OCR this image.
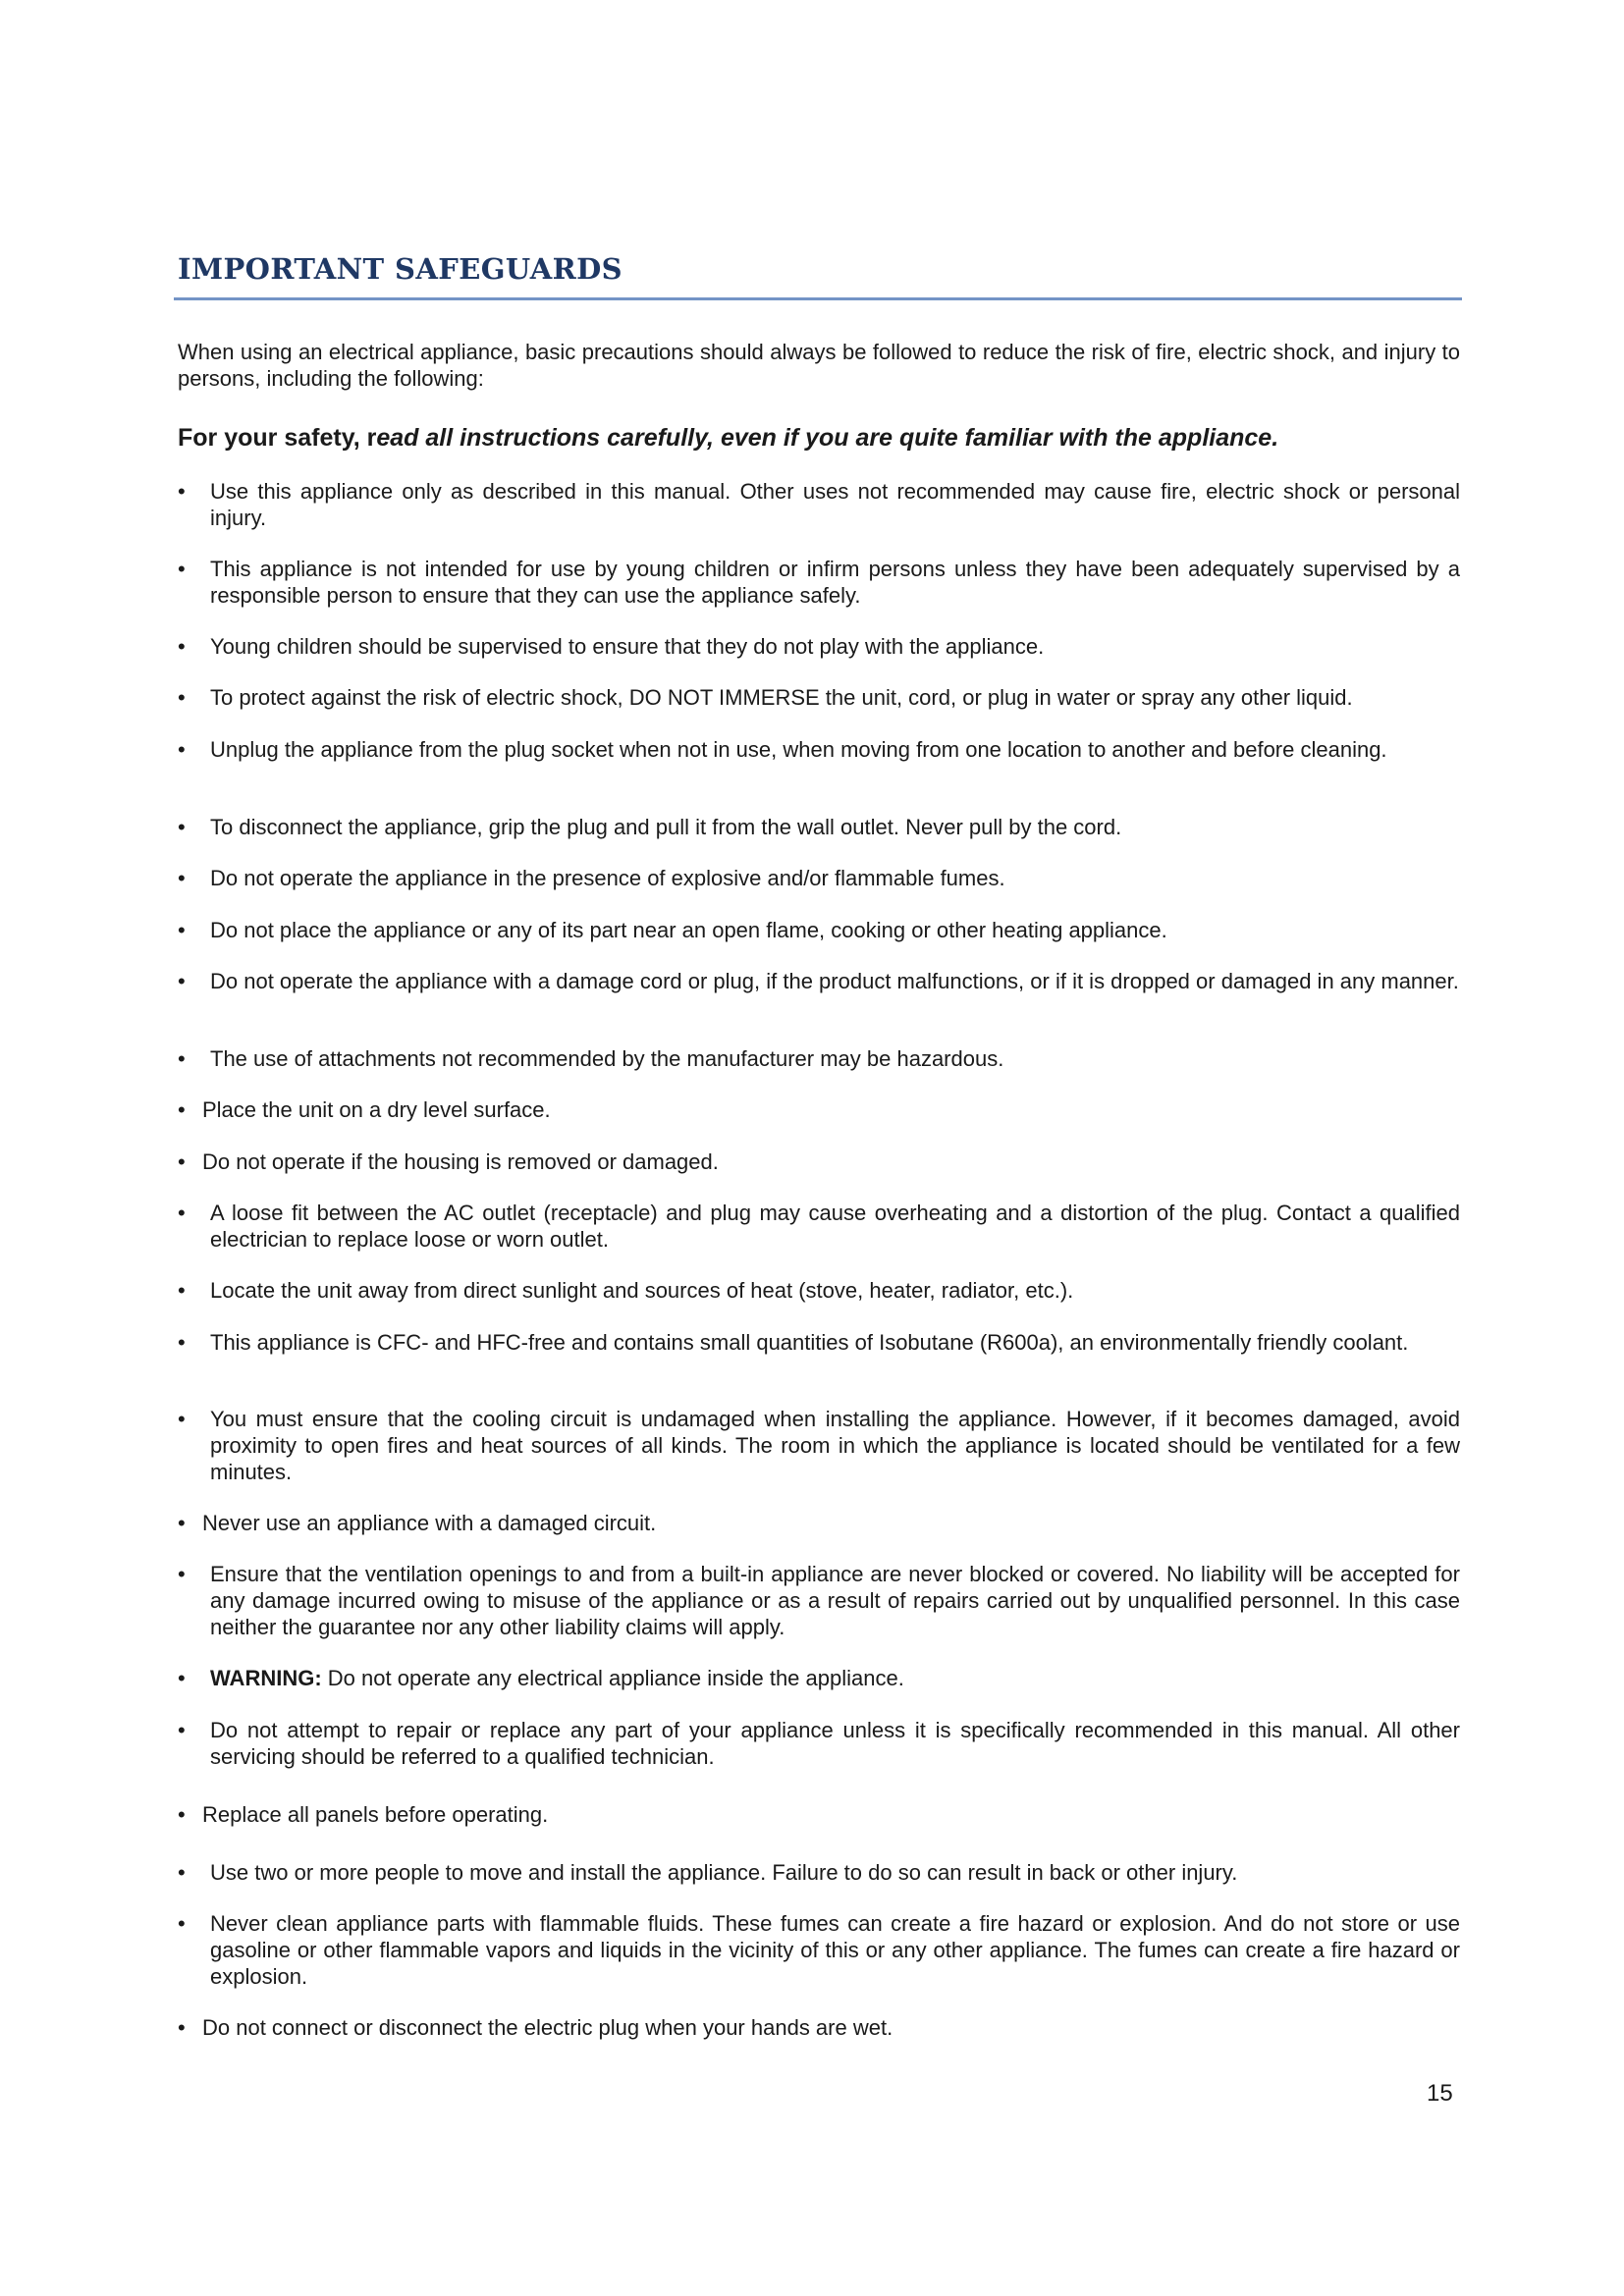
IMPORTANT SAFEGUARDS

When using an electrical appliance, basic precautions should always be followed to reduce the risk of fire, electric shock, and injury to persons, including the following:

For your safety, read all instructions carefully, even if you are quite familiar with the appliance.

• Use this appliance only as described in this manual. Other uses not recommended may cause fire, electric shock or personal injury.
• This appliance is not intended for use by young children or infirm persons unless they have been adequately supervised by a responsible person to ensure that they can use the appliance safely.
• Young children should be supervised to ensure that they do not play with the appliance.
• To protect against the risk of electric shock, DO NOT IMMERSE the unit, cord, or plug in water or spray any other liquid.
• Unplug the appliance from the plug socket when not in use, when moving from one location to another and before cleaning.
• To disconnect the appliance, grip the plug and pull it from the wall outlet. Never pull by the cord.
• Do not operate the appliance in the presence of explosive and/or flammable fumes.
• Do not place the appliance or any of its part near an open flame, cooking or other heating appliance.
• Do not operate the appliance with a damage cord or plug, if the product malfunctions, or if it is dropped or damaged in any manner.
• The use of attachments not recommended by the manufacturer may be hazardous.
• Place the unit on a dry level surface.
• Do not operate if the housing is removed or damaged.
• A loose fit between the AC outlet (receptacle) and plug may cause overheating and a distortion of the plug. Contact a qualified electrician to replace loose or worn outlet.
• Locate the unit away from direct sunlight and sources of heat (stove, heater, radiator, etc.).
• This appliance is CFC- and HFC-free and contains small quantities of Isobutane (R600a), an environmentally friendly coolant.
• You must ensure that the cooling circuit is undamaged when installing the appliance. However, if it becomes damaged, avoid proximity to open fires and heat sources of all kinds. The room in which the appliance is located should be ventilated for a few minutes.
• Never use an appliance with a damaged circuit.
• Ensure that the ventilation openings to and from a built-in appliance are never blocked or covered. No liability will be accepted for any damage incurred owing to misuse of the appliance or as a result of repairs carried out by unqualified personnel. In this case neither the guarantee nor any other liability claims will apply.
• WARNING: Do not operate any electrical appliance inside the appliance.
• Do not attempt to repair or replace any part of your appliance unless it is specifically recommended in this manual. All other servicing should be referred to a qualified technician.
• Replace all panels before operating.
• Use two or more people to move and install the appliance. Failure to do so can result in back or other injury.
• Never clean appliance parts with flammable fluids. These fumes can create a fire hazard or explosion. And do not store or use gasoline or other flammable vapors and liquids in the vicinity of this or any other appliance. The fumes can create a fire hazard or explosion.
• Do not connect or disconnect the electric plug when your hands are wet.
15
